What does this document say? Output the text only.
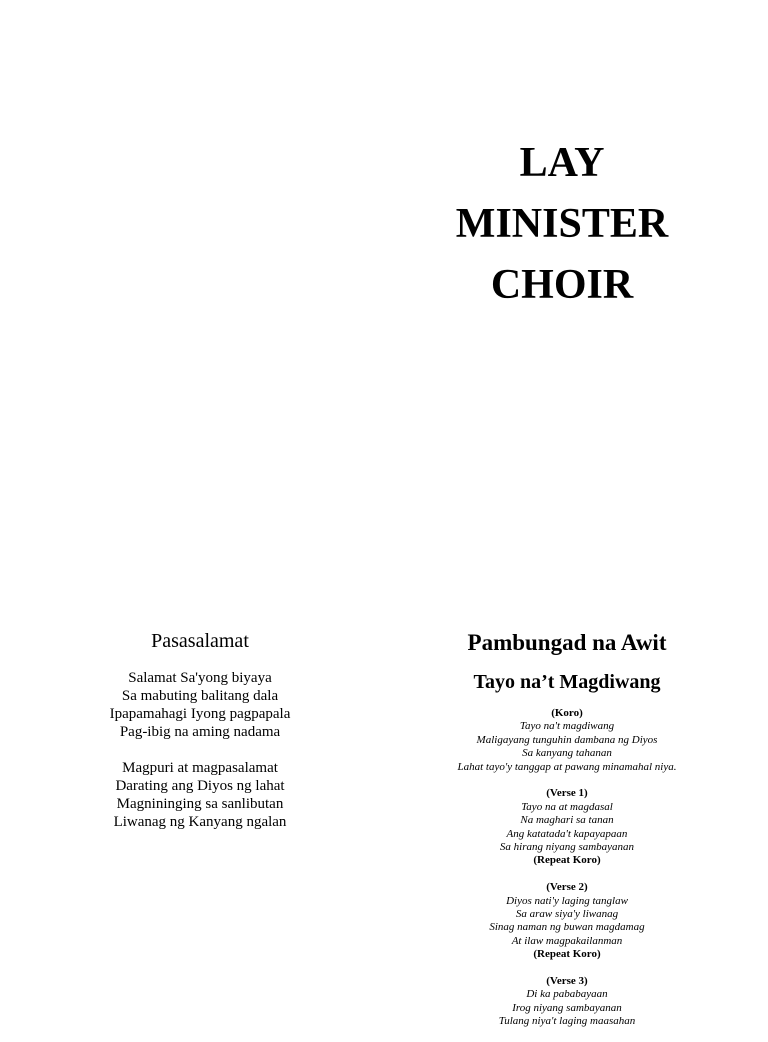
LAY
MINISTER
CHOIR
Pasasalamat
Salamat Sa'yong biyaya
Sa mabuting balitang dala
Ipapamahagi Iyong pagpapala
Pag-ibig na aming nadama
Magpuri at magpasalamat
Darating ang Diyos ng lahat
Magnininging sa sanlibutan
Liwanag ng Kanyang ngalan
Pambungad na Awit
Tayo na’t Magdiwang
(Koro)
Tayo na't magdiwang
Maligayang tunguhin dambana ng Diyos
Sa kanyang tahanan
Lahat tayo'y tanggap at pawang minamahal niya.
(Verse 1)
Tayo na at magdasal
Na maghari sa tanan
Ang katatada't kapayapaan
Sa hirang niyang sambayanan
(Repeat Koro)
(Verse 2)
Diyos nati'y laging tanglaw
Sa araw siya'y liwanag
Sinag naman ng buwan magdamag
At ilaw magpakailanman
(Repeat Koro)
(Verse 3)
Di ka pababayaan
Irog niyang sambayanan
Tulang niya't laging maasahan
